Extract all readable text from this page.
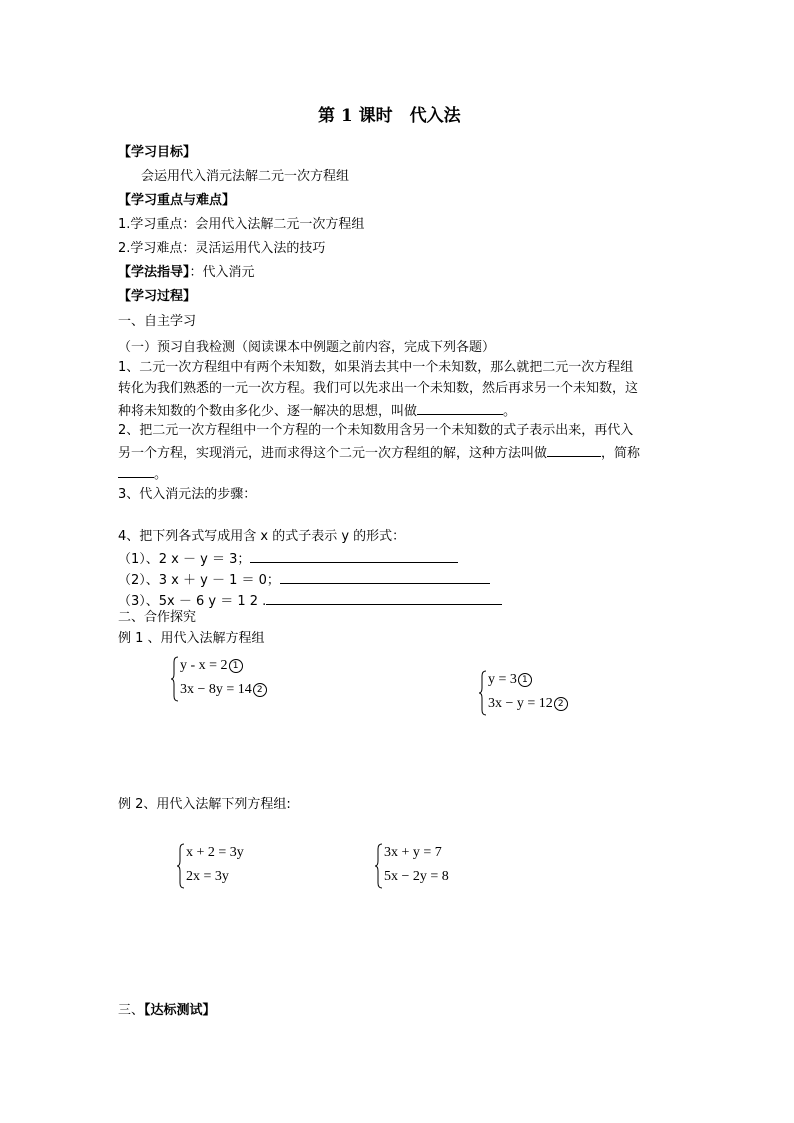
第 1 课时　代入法
【学习目标】
会运用代入消元法解二元一次方程组
【学习重点与难点】
1.学习重点：会用代入法解二元一次方程组
2.学习难点：灵活运用代入法的技巧
【学法指导】：代入消元
【学习过程】
一、自主学习
（一）预习自我检测（阅读课本中例题之前内容，完成下列各题）
1、二元一次方程组中有两个未知数，如果消去其中一个未知数，那么就把二元一次方程组
转化为我们熟悉的一元一次方程。我们可以先求出一个未知数，然后再求另一个未知数，这
种将未知数的个数由多化少、逐一解决的思想，叫做	。
2、把二元一次方程组中一个方程的一个未知数用含另一个未知数的式子表示出来，再代入
另一个方程，实现消元，进而求得这个二元一次方程组的解，这种方法叫做	，简称
。
3、代入消元法的步骤：
4、把下列各式写成用含 x 的式子表示 y 的形式：
（1）、2 x － y ＝ 3；
（2）、3 x ＋ y － 1 ＝ 0；
（3）、5x － 6 y ＝ 1 2 .
二、合作探究
例 1 、用代入法解方程组
y - x = 2 1
3x − 8y = 14 2
y = 3 1
3x − y = 12 2
例 2、用代入法解下列方程组:
x + 2 = 3y
2x = 3y
3x + y = 7
5x − 2y = 8
三、【达标测试】
